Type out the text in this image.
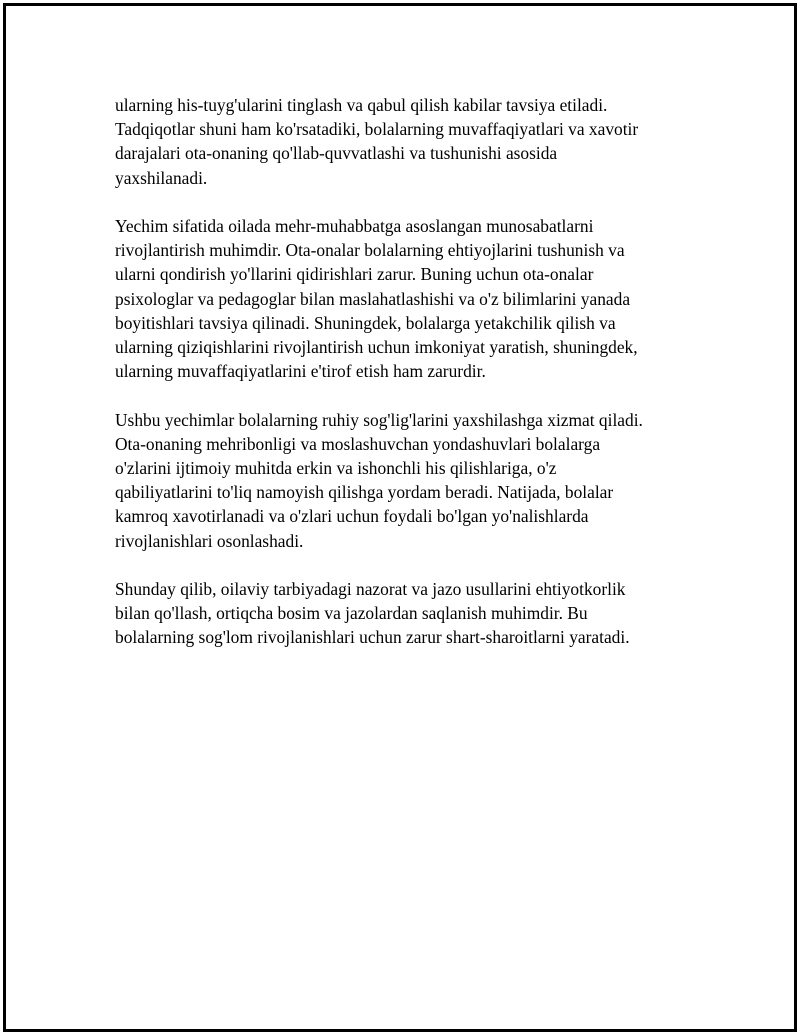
ularning his-tuyg'ularini tinglash va qabul qilish kabilar tavsiya etiladi.
Tadqiqotlar shuni ham ko'rsatadiki, bolalarning muvaffaqiyatlari va xavotir
darajalari ota-onaning qo'llab-quvvatlashi va tushunishi asosida
yaxshilanadi.

Yechim sifatida oilada mehr-muhabbatga asoslangan munosabatlarni
rivojlantirish muhimdir. Ota-onalar bolalarning ehtiyojlarini tushunish va
ularni qondirish yo'llarini qidirishlari zarur. Buning uchun ota-onalar
psixologlar va pedagoglar bilan maslahatlashishi va o'z bilimlarini yanada
boyitishlari tavsiya qilinadi. Shuningdek, bolalarga yetakchilik qilish va
ularning qiziqishlarini rivojlantirish uchun imkoniyat yaratish, shuningdek,
ularning muvaffaqiyatlarini e'tirof etish ham zarurdir.

Ushbu yechimlar bolalarning ruhiy sog'lig'larini yaxshilashga xizmat qiladi.
Ota-onaning mehribonligi va moslashuvchan yondashuvlari bolalarga
o'zlarini ijtimoiy muhitda erkin va ishonchli his qilishlariga, o'z
qabiliyatlarini to'liq namoyish qilishga yordam beradi. Natijada, bolalar
kamroq xavotirlanadi va o'zlari uchun foydali bo'lgan yo'nalishlarda
rivojlanishlari osonlashadi.

Shunday qilib, oilaviy tarbiyadagi nazorat va jazo usullarini ehtiyotkorlik
bilan qo'llash, ortiqcha bosim va jazolardan saqlanish muhimdir. Bu
bolalarning sog'lom rivojlanishlari uchun zarur shart-sharoitlarni yaratadi.
